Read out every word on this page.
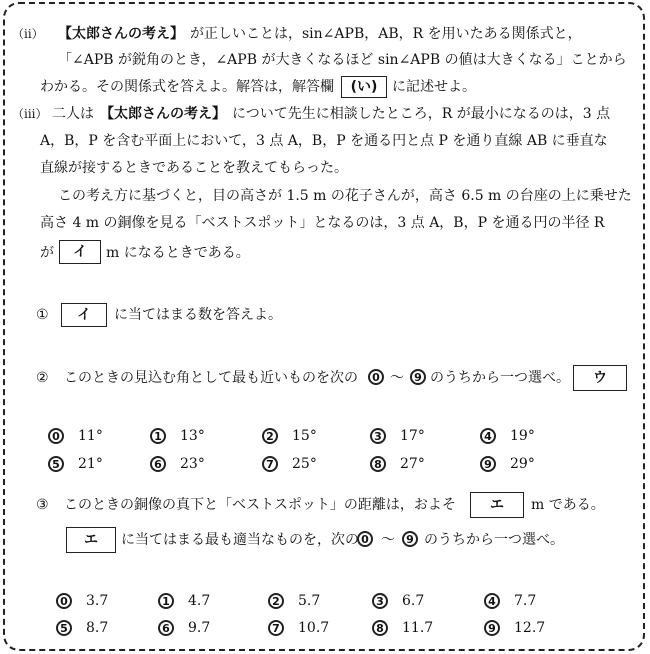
（ⅱ） 【太郎さんの考え】 が正しいことは，sin∠APB，AB，R を用いたある関係式と，
「∠APB が鋭角のとき，∠APB が大きくなるほど sin∠APB の値は大きくなる」ことから
わかる。その関係式を答えよ。解答は，解答欄	(い)	に記述せよ。
（ⅲ） 二人は 【太郎さんの考え】 について先生に相談したところ，R が最小になるのは，3 点
A，B，P を含む平面上において，3 点 A，B，P を通る円と点 P を通り直線 AB に垂直な
直線が接するときであることを教えてもらった。
この考え方に基づくと，目の高さが 1.5 m の花子さんが，高さ 6.5 m の台座の上に乗せた
高さ 4 m の銅像を見る「ベストスポット」となるのは，3 点 A，B，P を通る円の半径 R
が	イ	m になるときである。
①	イ	に当てはまる数を答えよ。
② このときの見込む角として最も近いものを次の	0 ～ 9 のうちから一つ選べ。	ウ
0 11°	1 13°	2 15°	3 17°	4 19°
5 21°	6 23°	7 25°	8 27°	9 29°
③ このときの銅像の真下と「ベストスポット」の距離は，およそ	エ	m である。
エ	に当てはまる最も適当なものを，次の 0 ～	9 のうちから一つ選べ。
0 3.7	1 4.7	2 5.7	3 6.7	4 7.7
5 8.7	6 9.7	7 10.7	8 11.7	9 12.7
